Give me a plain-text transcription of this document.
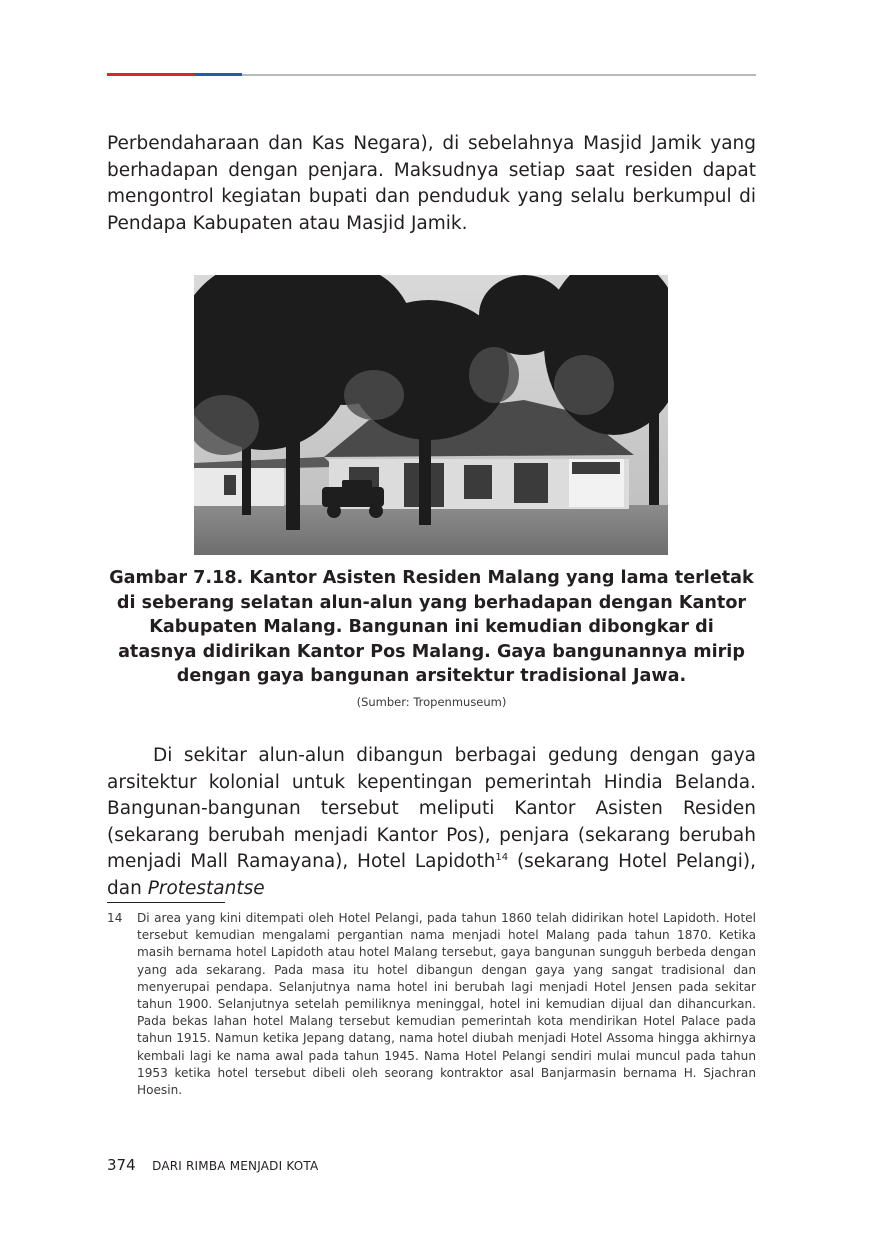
Perbendaharaan dan Kas Negara), di sebelahnya Masjid Jamik yang berhadapan dengan penjara. Maksudnya setiap saat residen dapat mengontrol kegiatan bupati dan penduduk yang selalu berkumpul di Pendapa Kabupaten atau Masjid Jamik.

Gambar 7.18. Kantor Asisten Residen Malang yang lama terletak di seberang selatan alun-alun yang berhadapan dengan Kantor Kabupaten Malang. Bangunan ini kemudian dibongkar di atasnya didirikan Kantor Pos Malang. Gaya bangunannya mirip dengan gaya bangunan arsitektur tradisional Jawa.

(Sumber: Tropenmuseum)

Di sekitar alun-alun dibangun berbagai gedung dengan gaya arsitektur kolonial untuk kepentingan pemerintah Hindia Belanda. Bangunan-bangunan tersebut meliputi Kantor Asisten Residen (sekarang berubah menjadi Kantor Pos), penjara (sekarang berubah menjadi Mall Ramayana), Hotel Lapidoth$^{14}$ (sekarang Hotel Pelangi), dan Protestantse

14	Di area yang kini ditempati oleh Hotel Pelangi, pada tahun 1860 telah didirikan hotel Lapidoth. Hotel tersebut kemudian mengalami pergantian nama menjadi hotel Malang pada tahun 1870. Ketika masih bernama hotel Lapidoth atau hotel Malang tersebut, gaya bangunan sungguh berbeda dengan yang ada sekarang. Pada masa itu hotel dibangun dengan gaya yang sangat tradisional dan menyerupai pendapa. Selanjutnya nama hotel ini berubah lagi menjadi Hotel Jensen pada sekitar tahun 1900. Selanjutnya setelah pemiliknya meninggal, hotel ini kemudian dijual dan dihancurkan. Pada bekas lahan hotel Malang tersebut kemudian pemerintah kota mendirikan Hotel Palace pada tahun 1915. Namun ketika Jepang datang, nama hotel diubah menjadi Hotel Assoma hingga akhirnya kembali lagi ke nama awal pada tahun 1945. Nama Hotel Pelangi sendiri mulai muncul pada tahun 1953 ketika hotel tersebut dibeli oleh seorang kontraktor asal Banjarmasin bernama H. Sjachran Hoesin.
374 DARI RIMBA MENJADI KOTA
